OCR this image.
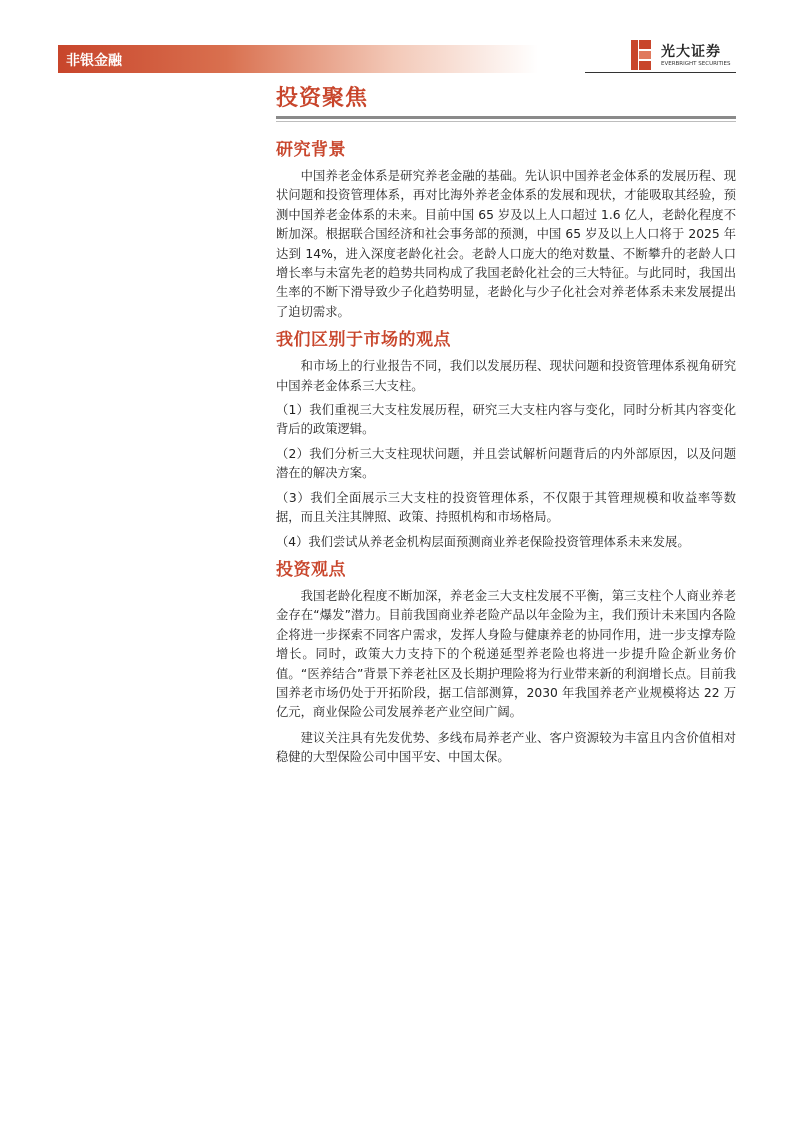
非银金融
光大证券
EVERBRIGHT SECURITIES
投资聚焦
研究背景

中国养老金体系是研究养老金融的基础。先认识中国养老金体系的发展历程、现状问题和投资管理体系，再对比海外养老金体系的发展和现状，才能吸取其经验，预测中国养老金体系的未来。目前中国 65 岁及以上人口超过 1.6 亿人，老龄化程度不断加深。根据联合国经济和社会事务部的预测，中国 65 岁及以上人口将于 2025 年达到 14%，进入深度老龄化社会。老龄人口庞大的绝对数量、不断攀升的老龄人口增长率与未富先老的趋势共同构成了我国老龄化社会的三大特征。与此同时，我国出生率的不断下滑导致少子化趋势明显，老龄化与少子化社会对养老体系未来发展提出了迫切需求。

我们区别于市场的观点

和市场上的行业报告不同，我们以发展历程、现状问题和投资管理体系视角研究中国养老金体系三大支柱。

（1）我们重视三大支柱发展历程，研究三大支柱内容与变化，同时分析其内容变化背后的政策逻辑。

（2）我们分析三大支柱现状问题，并且尝试解析问题背后的内外部原因，以及问题潜在的解决方案。

（3）我们全面展示三大支柱的投资管理体系，不仅限于其管理规模和收益率等数据，而且关注其牌照、政策、持照机构和市场格局。

（4）我们尝试从养老金机构层面预测商业养老保险投资管理体系未来发展。

投资观点

我国老龄化程度不断加深，养老金三大支柱发展不平衡，第三支柱个人商业养老金存在“爆发”潜力。目前我国商业养老险产品以年金险为主，我们预计未来国内各险企将进一步探索不同客户需求，发挥人身险与健康养老的协同作用，进一步支撑寿险增长。同时，政策大力支持下的个税递延型养老险也将进一步提升险企新业务价值。“医养结合”背景下养老社区及长期护理险将为行业带来新的利润增长点。目前我国养老市场仍处于开拓阶段，据工信部测算，2030 年我国养老产业规模将达 22 万亿元，商业保险公司发展养老产业空间广阔。

建议关注具有先发优势、多线布局养老产业、客户资源较为丰富且内含价值相对稳健的大型保险公司中国平安、中国太保。
